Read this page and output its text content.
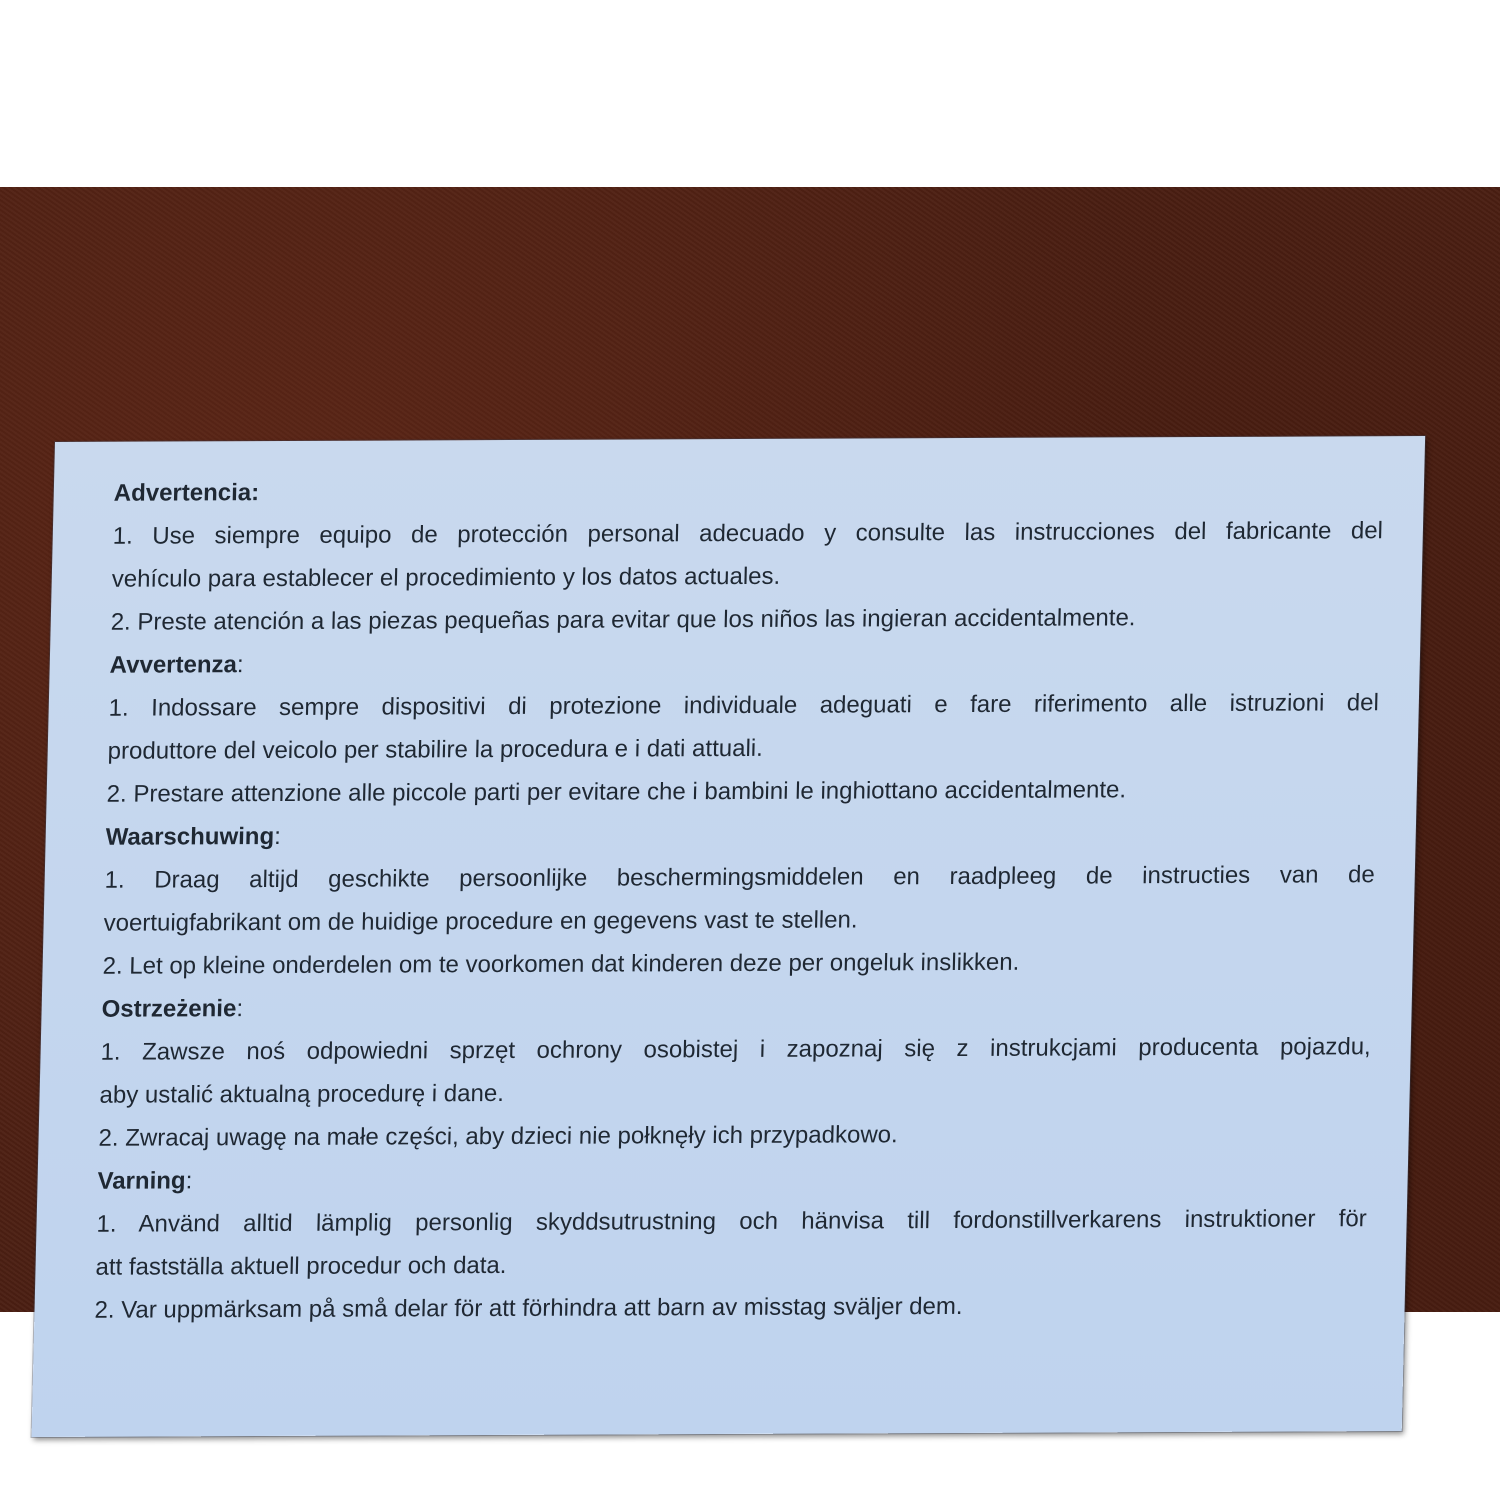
Advertencia:

1. Use siempre equipo de protección personal adecuado y consulte las instrucciones del fabricante del

vehículo para establecer el procedimiento y los datos actuales.

2. Preste atención a las piezas pequeñas para evitar que los niños las ingieran accidentalmente.

Avvertenza:

1. Indossare sempre dispositivi di protezione individuale adeguati e fare riferimento alle istruzioni del

produttore del veicolo per stabilire la procedura e i dati attuali.

2. Prestare attenzione alle piccole parti per evitare che i bambini le inghiottano accidentalmente.

Waarschuwing:

1. Draag altijd geschikte persoonlijke beschermingsmiddelen en raadpleeg de instructies van de

voertuigfabrikant om de huidige procedure en gegevens vast te stellen.

2. Let op kleine onderdelen om te voorkomen dat kinderen deze per ongeluk inslikken.

Ostrzeżenie:

1. Zawsze noś odpowiedni sprzęt ochrony osobistej i zapoznaj się z instrukcjami producenta pojazdu,

aby ustalić aktualną procedurę i dane.

2. Zwracaj uwagę na małe części, aby dzieci nie połknęły ich przypadkowo.

Varning:

1. Använd alltid lämplig personlig skyddsutrustning och hänvisa till fordonstillverkarens instruktioner för

att fastställa aktuell procedur och data.

2. Var uppmärksam på små delar för att förhindra att barn av misstag sväljer dem.
